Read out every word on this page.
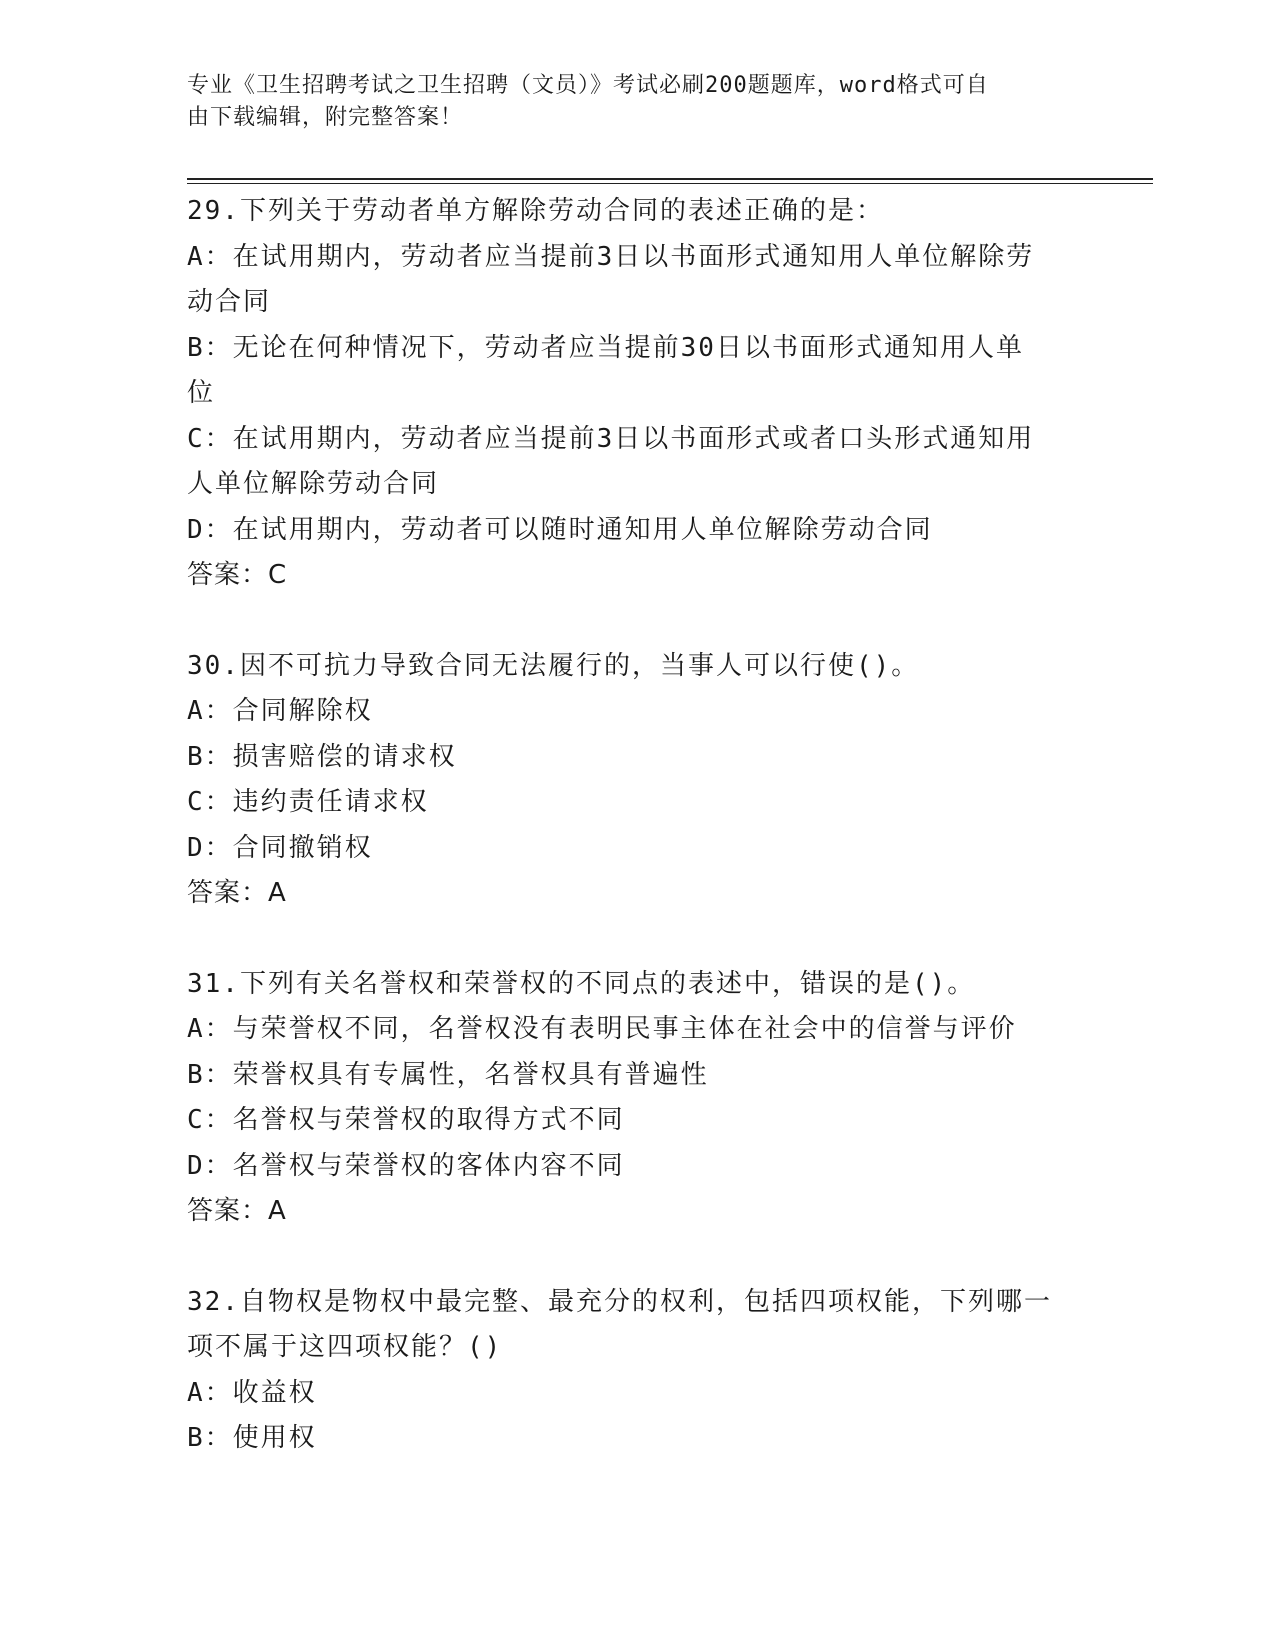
专业《卫生招聘考试之卫生招聘（文员）》考试必刷200题题库，word格式可自
由下载编辑，附完整答案！
29.下列关于劳动者单方解除劳动合同的表述正确的是：
A：在试用期内，劳动者应当提前3日以书面形式通知用人单位解除劳
动合同
B：无论在何种情况下，劳动者应当提前30日以书面形式通知用人单
位
C：在试用期内，劳动者应当提前3日以书面形式或者口头形式通知用
人单位解除劳动合同
D：在试用期内，劳动者可以随时通知用人单位解除劳动合同
答案：C
30.因不可抗力导致合同无法履行的，当事人可以行使()。
A：合同解除权
B：损害赔偿的请求权
C：违约责任请求权
D：合同撤销权
答案：A
31.下列有关名誉权和荣誉权的不同点的表述中，错误的是()。
A：与荣誉权不同，名誉权没有表明民事主体在社会中的信誉与评价
B：荣誉权具有专属性，名誉权具有普遍性
C：名誉权与荣誉权的取得方式不同
D：名誉权与荣誉权的客体内容不同
答案：A
32.自物权是物权中最完整、最充分的权利，包括四项权能，下列哪一
项不属于这四项权能？()
A：收益权
B：使用权
